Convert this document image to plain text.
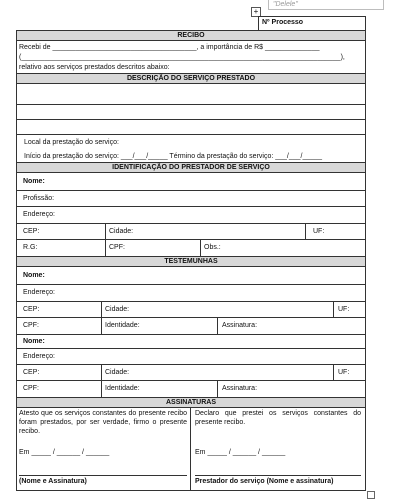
"Delele"
+
Nº Processo
RECIBO
Recebi de _____________________________________, a importância de R$ ______________
(__________________________________________________________________________________),
relativo aos serviços prestados descritos abaixo:
DESCRIÇÃO DO SERVIÇO PRESTADO
Local da prestação do serviço:
Início da prestação do serviço: ___/___/_____ Término da prestação do serviço: ___/___/_____
IDENTIFICAÇÃO DO PRESTADOR DE SERVIÇO
Nome:
Profissão:
Endereço:
CEP:	Cidade:	UF:
R.G:	CPF:	Obs.:
TESTEMUNHAS
Nome:
Endereço:
CEP:	Cidade:	UF:
CPF:	Identidade:	Assinatura:
Nome:
Endereço:
CEP:	Cidade:	UF:
CPF:	Identidade:	Assinatura:
ASSINATURAS
Atesto que os serviços constantes do presente recibo foram prestados, por ser verdade, firmo o presente recibo.
Declaro que prestei os serviços constantes do presente recibo.
Em _____ / ______ / ______	Em _____ / ______ / ______
(Nome e Assinatura)	Prestador do serviço (Nome e assinatura)
